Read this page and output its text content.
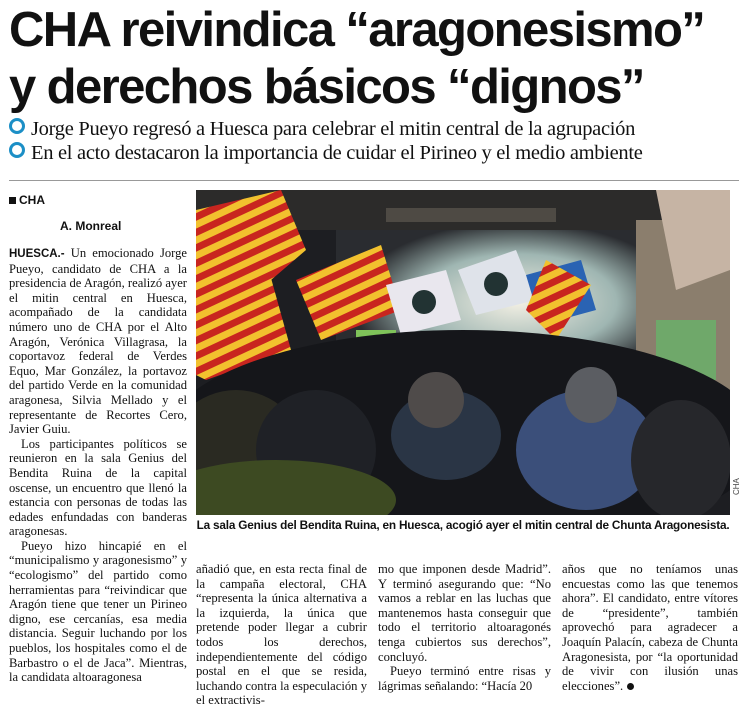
CHA reivindica “aragonesismo”
y derechos básicos “dignos”
Jorge Pueyo regresó a Huesca para celebrar el mitin central de la agrupación
En el acto destacaron la importancia de cuidar el Pirineo y el medio ambiente
CHA
A. Monreal

HUESCA.- Un emocionado Jorge Pueyo, candidato de CHA a la presidencia de Aragón, realizó ayer el mitin central en Huesca, acompañado de la candidata número uno de CHA por el Alto Aragón, Verónica Villagrasa, la coportavoz federal de Verdes Equo, Mar González, la portavoz del partido Verde en la comunidad aragonesa, Silvia Mellado y el representante de Recortes Cero, Javier Guiu.

Los participantes políticos se reunieron en la sala Genius del Bendita Ruina de la capital oscense, un encuentro que llenó la estancia con personas de todas las edades enfundadas con banderas aragonesas.

Pueyo hizo hincapié en el “municipalismo y aragonesismo” y “ecologismo” del partido como herramientas para “reivindicar que Aragón tiene que tener un Pirineo digno, ese cercanías, esa media distancia. Seguir luchando por los pueblos, los hospitales como el de Barbastro o el de Jaca”. Mientras, la candidata altoaragonesa

CHA
La sala Genius del Bendita Ruina, en Huesca, acogió ayer el mitin central de Chunta Aragonesista.

añadió que, en esta recta final de la campaña electoral, CHA “representa la única alternativa a la izquierda, la única que pretende poder llegar a cubrir todos los derechos, independientemente del código postal en el que se resida, luchando contra la especulación y el extractivis-

mo que imponen desde Madrid”. Y terminó asegurando que: “No vamos a reblar en las luchas que mantenemos hasta conseguir que todo el territorio altoaragonés tenga cubiertos sus derechos”, concluyó.

Pueyo terminó entre risas y lágrimas señalando: “Hacía 20

años que no teníamos unas encuestas como las que tenemos ahora”. El candidato, entre vítores de “presidente”, también aprovechó para agradecer a Joaquín Palacín, cabeza de Chunta Aragonesista, por “la oportunidad de vivir con ilusión unas elecciones”.
